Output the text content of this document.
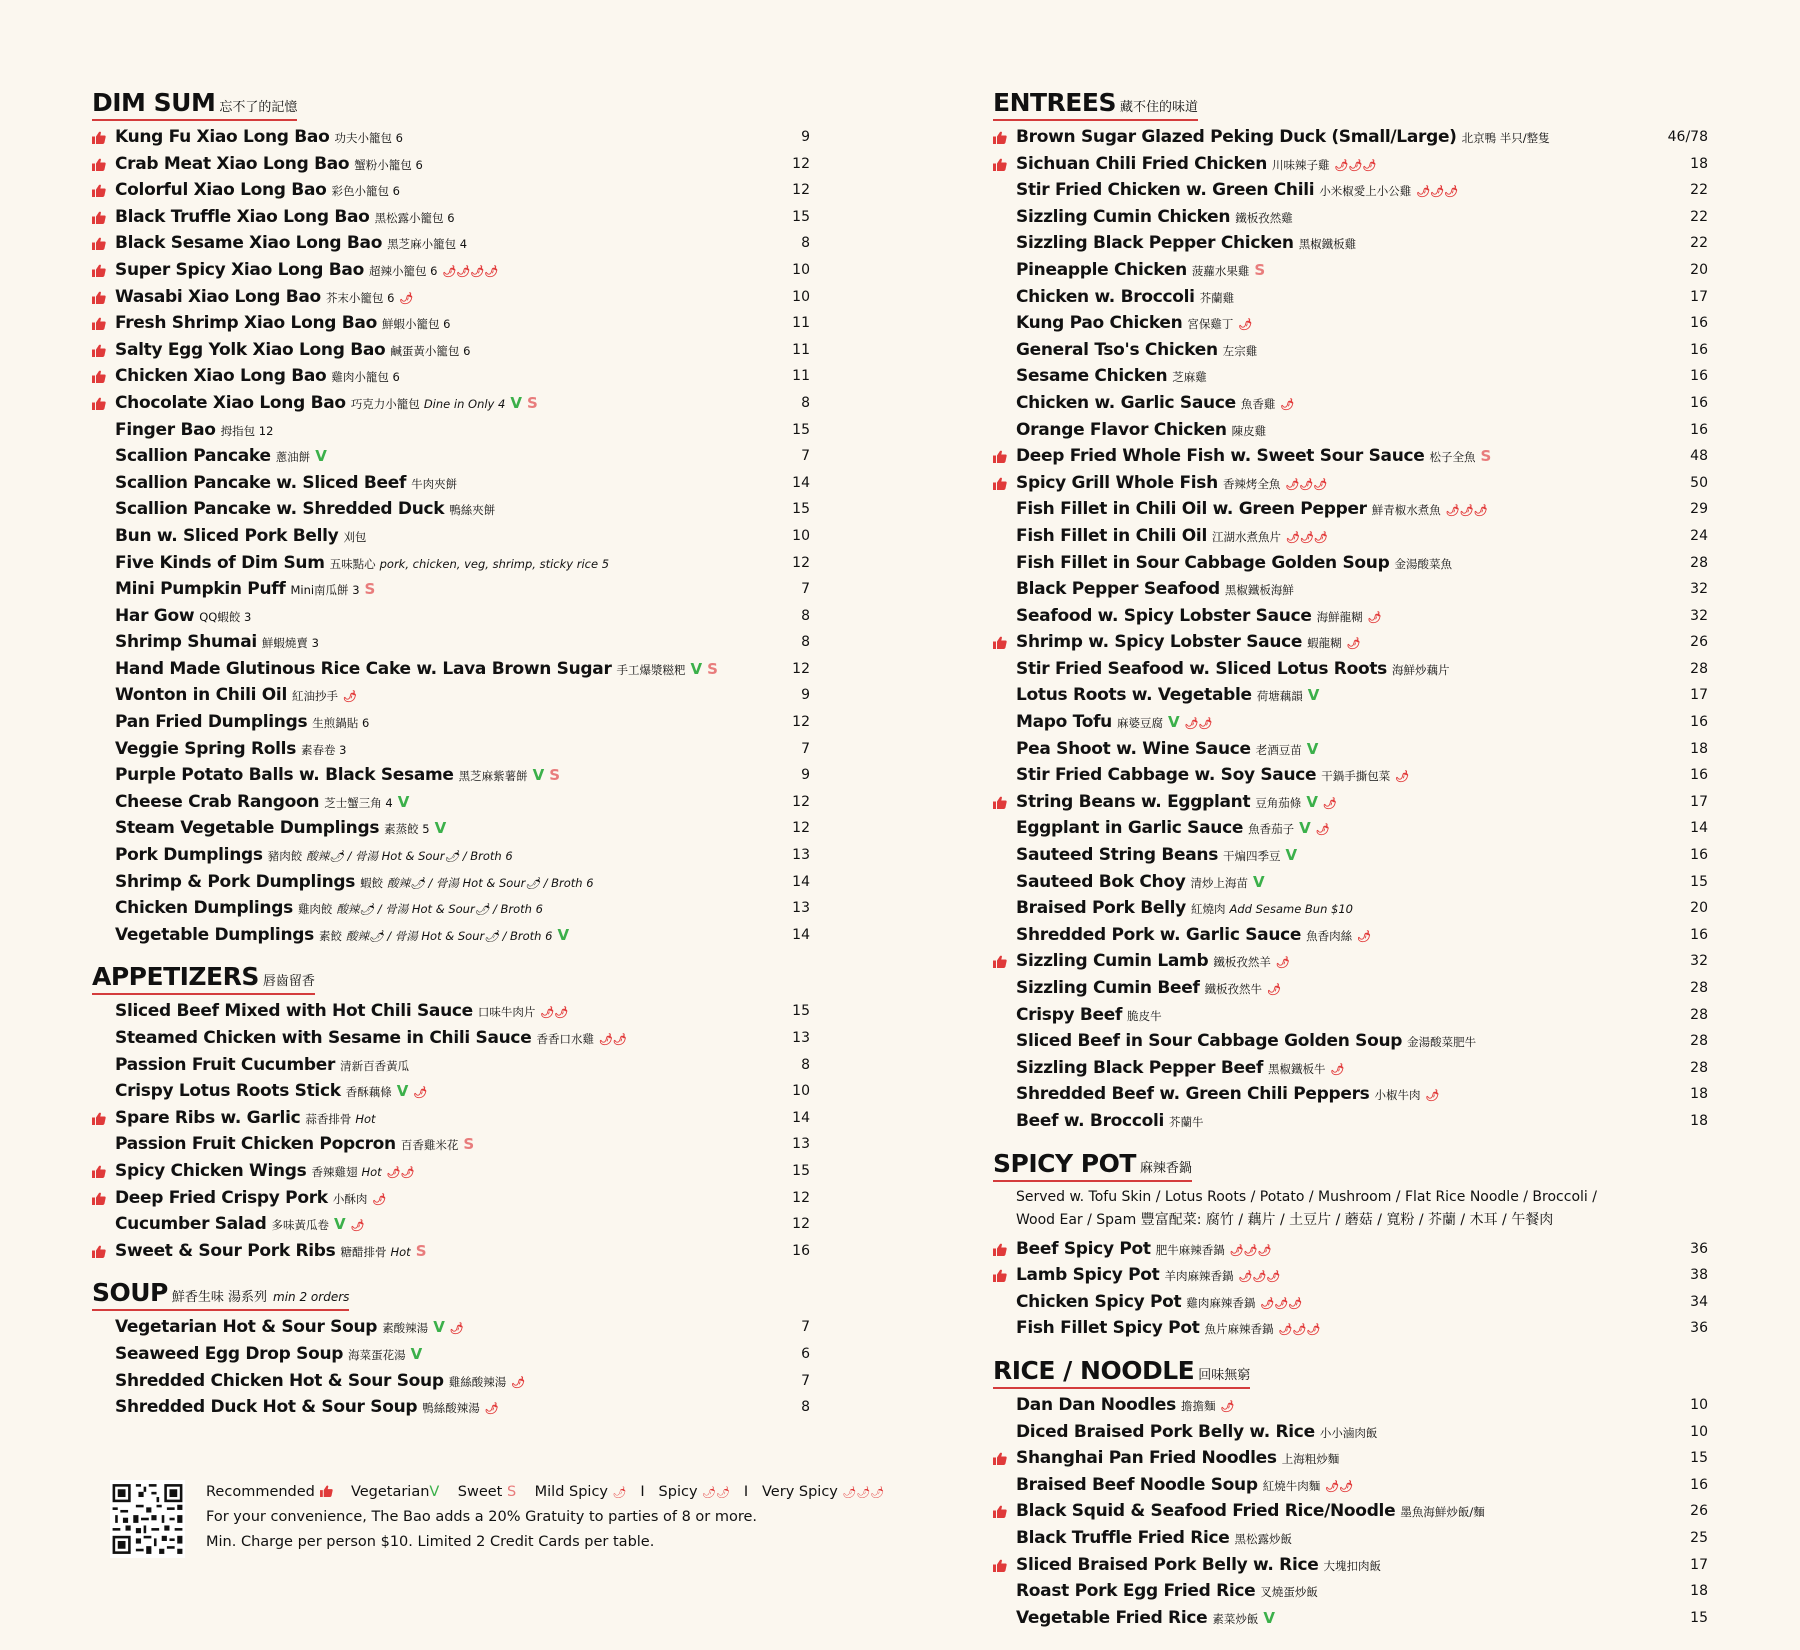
DIM SUM 忘不了的記憶
Kung Fu Xiao Long Bao 功夫小籠包 6	9
Crab Meat Xiao Long Bao 蟹粉小籠包 6	12
Colorful Xiao Long Bao 彩色小籠包 6	12
Black Truffle Xiao Long Bao 黑松露小籠包 6	15
Black Sesame Xiao Long Bao 黑芝麻小籠包 4	8
Super Spicy Xiao Long Bao 超辣小籠包 6 🌶🌶🌶🌶	10
Wasabi Xiao Long Bao 芥末小籠包 6 🌶	10
Fresh Shrimp Xiao Long Bao 鮮蝦小籠包 6	11
Salty Egg Yolk Xiao Long Bao 鹹蛋黃小籠包 6	11
Chicken Xiao Long Bao 雞肉小籠包 6	11
Chocolate Xiao Long Bao 巧克力小籠包 Dine in Only 4 V S	8
Finger Bao 拇指包 12	15
Scallion Pancake 蔥油餅 V	7
Scallion Pancake w. Sliced Beef 牛肉夾餅	14
Scallion Pancake w. Shredded Duck 鴨絲夾餅	15
Bun w. Sliced Pork Belly 刈包	10
Five Kinds of Dim Sum 五味點心 pork, chicken, veg, shrimp, sticky rice 5	12
Mini Pumpkin Puff Mini南瓜餅 3 S	7
Har Gow QQ蝦餃 3	8
Shrimp Shumai 鮮蝦燒賣 3	8
Hand Made Glutinous Rice Cake w. Lava Brown Sugar 手工爆漿糍粑 V S	12
Wonton in Chili Oil 紅油抄手 🌶	9
Pan Fried Dumplings 生煎鍋貼 6	12
Veggie Spring Rolls 素春卷 3	7
Purple Potato Balls w. Black Sesame 黑芝麻紫薯餅 V S	9
Cheese Crab Rangoon 芝士蟹三角 4 V	12
Steam Vegetable Dumplings 素蒸餃 5 V	12
Pork Dumplings 豬肉餃 酸辣🌶 / 骨湯 Hot & Sour🌶 / Broth 6	13
Shrimp & Pork Dumplings 蝦餃 酸辣🌶 / 骨湯 Hot & Sour🌶 / Broth 6	14
Chicken Dumplings 雞肉餃 酸辣🌶 / 骨湯 Hot & Sour🌶 / Broth 6	13
Vegetable Dumplings 素餃 酸辣🌶 / 骨湯 Hot & Sour🌶 / Broth 6 V	14
APPETIZERS 唇齒留香
Sliced Beef Mixed with Hot Chili Sauce 口味牛肉片 🌶🌶	15
Steamed Chicken with Sesame in Chili Sauce 香香口水雞 🌶🌶	13
Passion Fruit Cucumber 清新百香黃瓜	8
Crispy Lotus Roots Stick 香酥藕條 V 🌶	10
Spare Ribs w. Garlic 蒜香排骨 Hot	14
Passion Fruit Chicken Popcron 百香雞米花 S	13
Spicy Chicken Wings 香辣雞翅 Hot 🌶🌶	15
Deep Fried Crispy Pork 小酥肉 🌶	12
Cucumber Salad 多味黃瓜卷 V 🌶	12
Sweet & Sour Pork Ribs 糖醋排骨 Hot S	16
SOUP 鮮香生味 湯系列 min 2 orders
Vegetarian Hot & Sour Soup 素酸辣湯 V 🌶	7
Seaweed Egg Drop Soup 海菜蛋花湯 V	6
Shredded Chicken Hot & Sour Soup 雞絲酸辣湯 🌶	7
Shredded Duck Hot & Sour Soup 鴨絲酸辣湯 🌶	8
ENTREES 藏不住的味道
Brown Sugar Glazed Peking Duck (Small/Large) 北京鴨 半只/整隻	46/78
Sichuan Chili Fried Chicken 川味辣子雞 🌶🌶🌶	18
Stir Fried Chicken w. Green Chili 小米椒愛上小公雞 🌶🌶🌶	22
Sizzling Cumin Chicken 鐵板孜然雞	22
Sizzling Black Pepper Chicken 黑椒鐵板雞	22
Pineapple Chicken 菠蘿水果雞 S	20
Chicken w. Broccoli 芥蘭雞	17
Kung Pao Chicken 宮保雞丁 🌶	16
General Tso's Chicken 左宗雞	16
Sesame Chicken 芝麻雞	16
Chicken w. Garlic Sauce 魚香雞 🌶	16
Orange Flavor Chicken 陳皮雞	16
Deep Fried Whole Fish w. Sweet Sour Sauce 松子全魚 S	48
Spicy Grill Whole Fish 香辣烤全魚 🌶🌶🌶	50
Fish Fillet in Chili Oil w. Green Pepper 鮮青椒水煮魚 🌶🌶🌶	29
Fish Fillet in Chili Oil 江湖水煮魚片 🌶🌶🌶	24
Fish Fillet in Sour Cabbage Golden Soup 金湯酸菜魚	28
Black Pepper Seafood 黑椒鐵板海鮮	32
Seafood w. Spicy Lobster Sauce 海鮮龍糊 🌶	32
Shrimp w. Spicy Lobster Sauce 蝦龍糊 🌶	26
Stir Fried Seafood w. Sliced Lotus Roots 海鮮炒藕片	28
Lotus Roots w. Vegetable 荷塘藕韻 V	17
Mapo Tofu 麻婆豆腐 V 🌶🌶	16
Pea Shoot w. Wine Sauce 老酒豆苗 V	18
Stir Fried Cabbage w. Soy Sauce 干鍋手撕包菜 🌶	16
String Beans w. Eggplant 豆角茄條 V 🌶	17
Eggplant in Garlic Sauce 魚香茄子 V 🌶	14
Sauteed String Beans 干煸四季豆 V	16
Sauteed Bok Choy 清炒上海苗 V	15
Braised Pork Belly 紅燒肉 Add Sesame Bun $10	20
Shredded Pork w. Garlic Sauce 魚香肉絲 🌶	16
Sizzling Cumin Lamb 鐵板孜然羊 🌶	32
Sizzling Cumin Beef 鐵板孜然牛 🌶	28
Crispy Beef 脆皮牛	28
Sliced Beef in Sour Cabbage Golden Soup 金湯酸菜肥牛	28
Sizzling Black Pepper Beef 黑椒鐵板牛 🌶	28
Shredded Beef w. Green Chili Peppers 小椒牛肉 🌶	18
Beef w. Broccoli 芥蘭牛	18
SPICY POT 麻辣香鍋
Served w. Tofu Skin / Lotus Roots / Potato / Mushroom / Flat Rice Noodle / Broccoli /
Wood Ear / Spam 豐富配菜: 腐竹 / 藕片 / 土豆片 / 蘑菇 / 寬粉 / 芥蘭 / 木耳 / 午餐肉
Beef Spicy Pot 肥牛麻辣香鍋 🌶🌶🌶	36
Lamb Spicy Pot 羊肉麻辣香鍋 🌶🌶🌶	38
Chicken Spicy Pot 雞肉麻辣香鍋 🌶🌶🌶	34
Fish Fillet Spicy Pot 魚片麻辣香鍋 🌶🌶🌶	36
RICE / NOODLE 回味無窮
Dan Dan Noodles 擔擔麵 🌶	10
Diced Braised Pork Belly w. Rice 小小滷肉飯	10
Shanghai Pan Fried Noodles 上海粗炒麵	15
Braised Beef Noodle Soup 紅燒牛肉麵 🌶🌶	16
Black Squid & Seafood Fried Rice/Noodle 墨魚海鮮炒飯/麵	26
Black Truffle Fried Rice 黑松露炒飯	25
Sliced Braised Pork Belly w. Rice 大塊扣肉飯	17
Roast Pork Egg Fried Rice 叉燒蛋炒飯	18
Vegetable Fried Rice 素菜炒飯 V	15
Recommended VegetarianV Sweet S Mild Spicy 🌶 I Spicy 🌶🌶 I Very Spicy 🌶🌶🌶
For your convenience, The Bao adds a 20% Gratuity to parties of 8 or more.
Min. Charge per person $10. Limited 2 Credit Cards per table.
